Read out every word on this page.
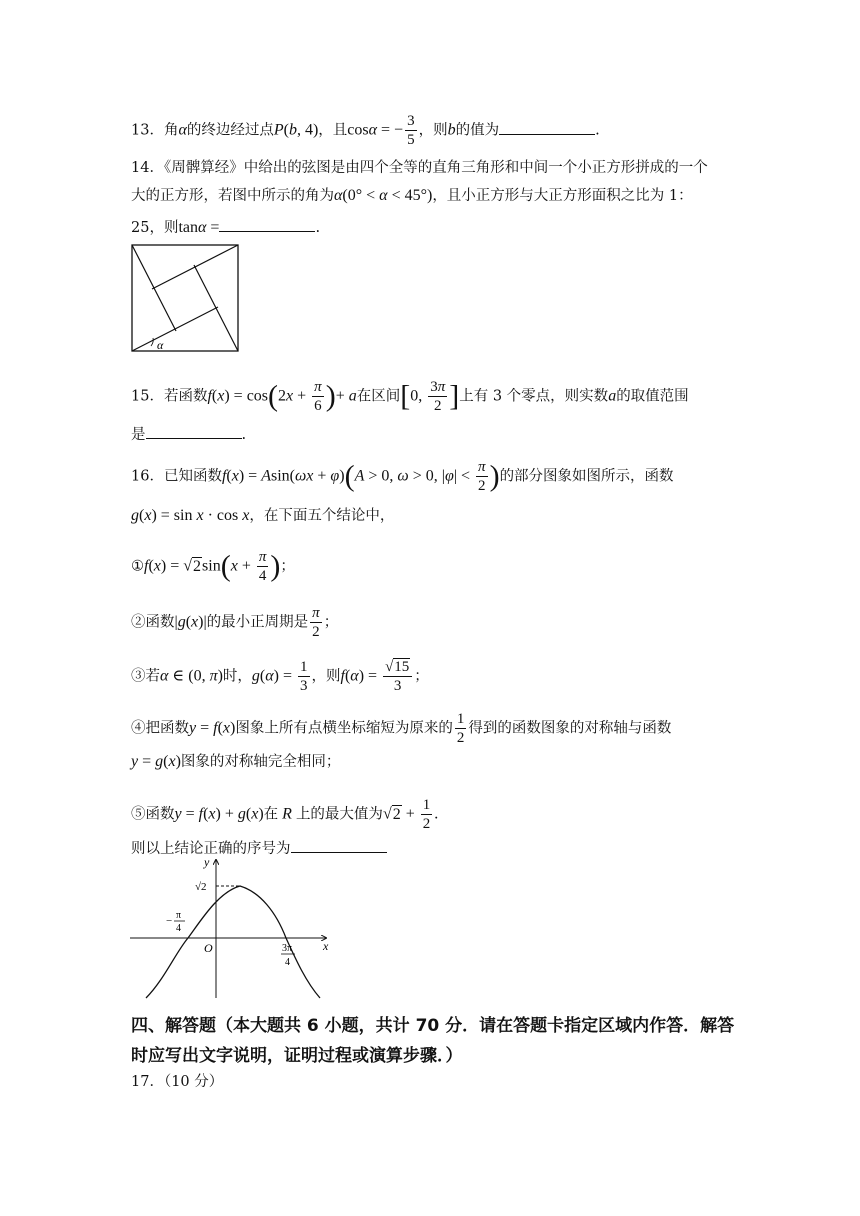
13．角α的终边经过点P(b, 4)，且cosα = − $\frac{3}{5}$ ，则b的值为	.
14．《周髀算经》中给出的弦图是由四个全等的直角三角形和中间一个小正方形拼成的一个
大的正方形，若图中所示的角为α(0° < α < 45°)，且小正方形与大正方形面积之比为 1：
25，则tanα =	.
α
15．若函数$f(x) = \cos(2x + \frac{\pi}{6}$ )+ a在区间[0, $\frac{3\pi}{2}$ ]上有 3 个零点，则实数a的取值范围
是	.
16．已知函数f(x) = Asin(ωx + φ)(A > 0, ω > 0, $|\varphi| < \frac{\pi}{2}$ )的部分图象如图所示，函数
g(x) = sin x · cos x，在下面五个结论中，
①f(x) = $√2\sin(x + \frac{\pi}{4}$ )；
②函数|g(x)|的最小正周期是 $\frac{\pi}{2}$ ；
③若α ∈ (0, π)时，$g(\alpha) = \frac{1}{3}$ ，则$f(\alpha) = \frac{√15}{3}$ ；
④把函数y = f(x)图象上所有点横坐标缩短为原来的 $\frac{1}{2}$ 得到的函数图象的对称轴与函数
y = g(x)图象的对称轴完全相同；
⑤函数y = f(x) + g(x)在 R 上的最大值为$√2 + \frac{1}{2}$ .
则以上结论正确的序号为
y
x
O
√2
− π
4
3π
4
四、解答题（本大题共 6 小题，共计 70 分．请在答题卡指定区域内作答．解答
时应写出文字说明，证明过程或演算步骤．）
17．（10 分）
